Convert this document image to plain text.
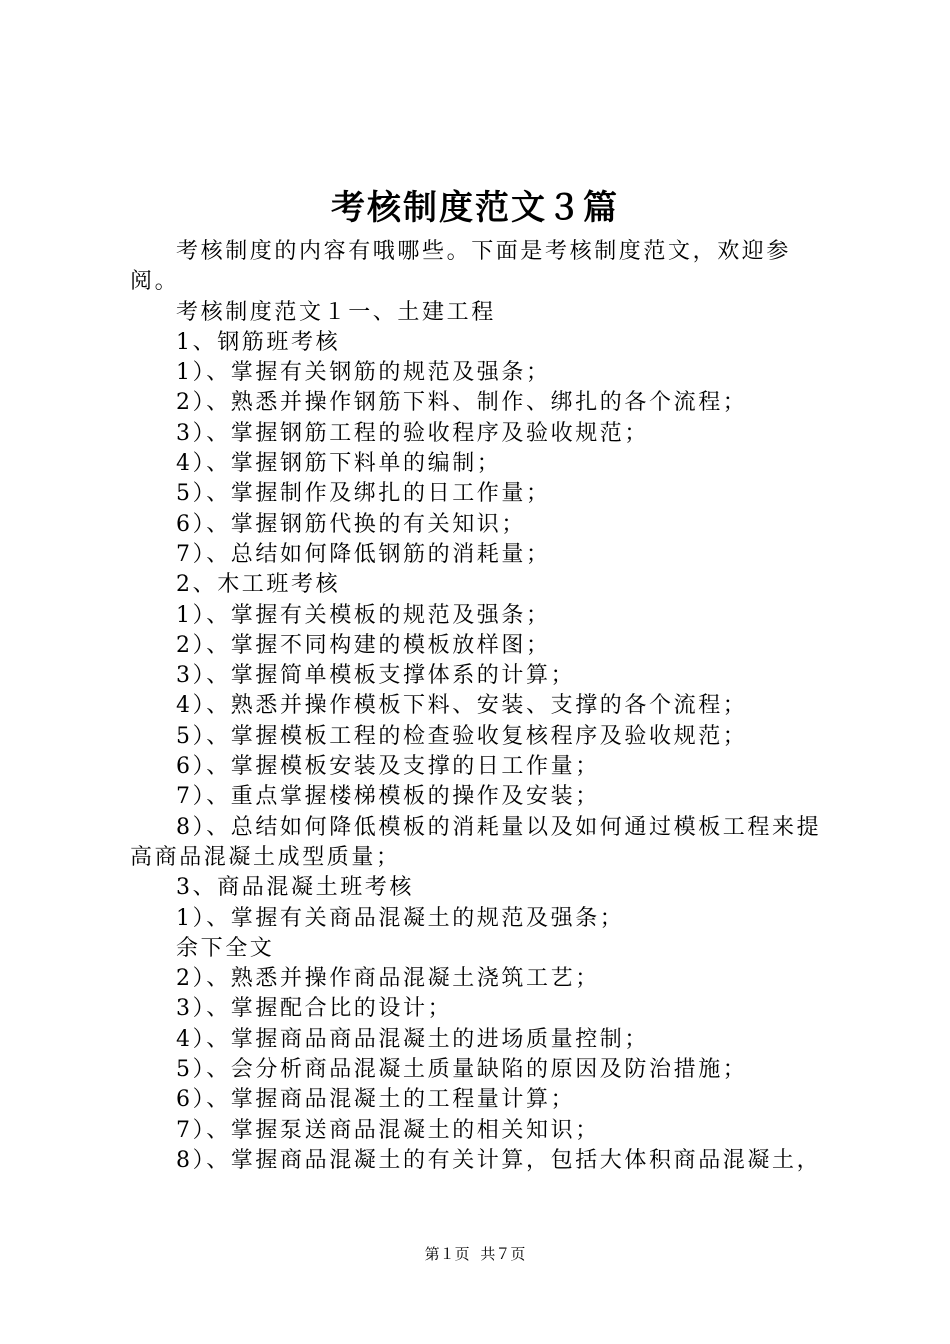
考核制度范文３篇

考核制度的内容有哦哪些。下面是考核制度范文，欢迎参阅。

考核制度范文１一、土建工程

1、钢筋班考核

1）、掌握有关钢筋的规范及强条；

2）、熟悉并操作钢筋下料、制作、绑扎的各个流程；

3）、掌握钢筋工程的验收程序及验收规范；

4）、掌握钢筋下料单的编制；

5）、掌握制作及绑扎的日工作量；

6）、掌握钢筋代换的有关知识；

7）、总结如何降低钢筋的消耗量；

2、木工班考核

1）、掌握有关模板的规范及强条；

2）、掌握不同构建的模板放样图；

3）、掌握简单模板支撑体系的计算；

4）、熟悉并操作模板下料、安装、支撑的各个流程；

5）、掌握模板工程的检查验收复核程序及验收规范；

6）、掌握模板安装及支撑的日工作量；

7）、重点掌握楼梯模板的操作及安装；

8）、总结如何降低模板的消耗量以及如何通过模板工程来提高商品混凝土成型质量；

3、商品混凝土班考核

1）、掌握有关商品混凝土的规范及强条；

余下全文

2）、熟悉并操作商品混凝土浇筑工艺；

3）、掌握配合比的设计；

4）、掌握商品商品混凝土的进场质量控制；

5）、会分析商品混凝土质量缺陷的原因及防治措施；

6）、掌握商品混凝土的工程量计算；

7）、掌握泵送商品混凝土的相关知识；

8）、掌握商品混凝土的有关计算，包括大体积商品混凝土，

第１页 共７页
